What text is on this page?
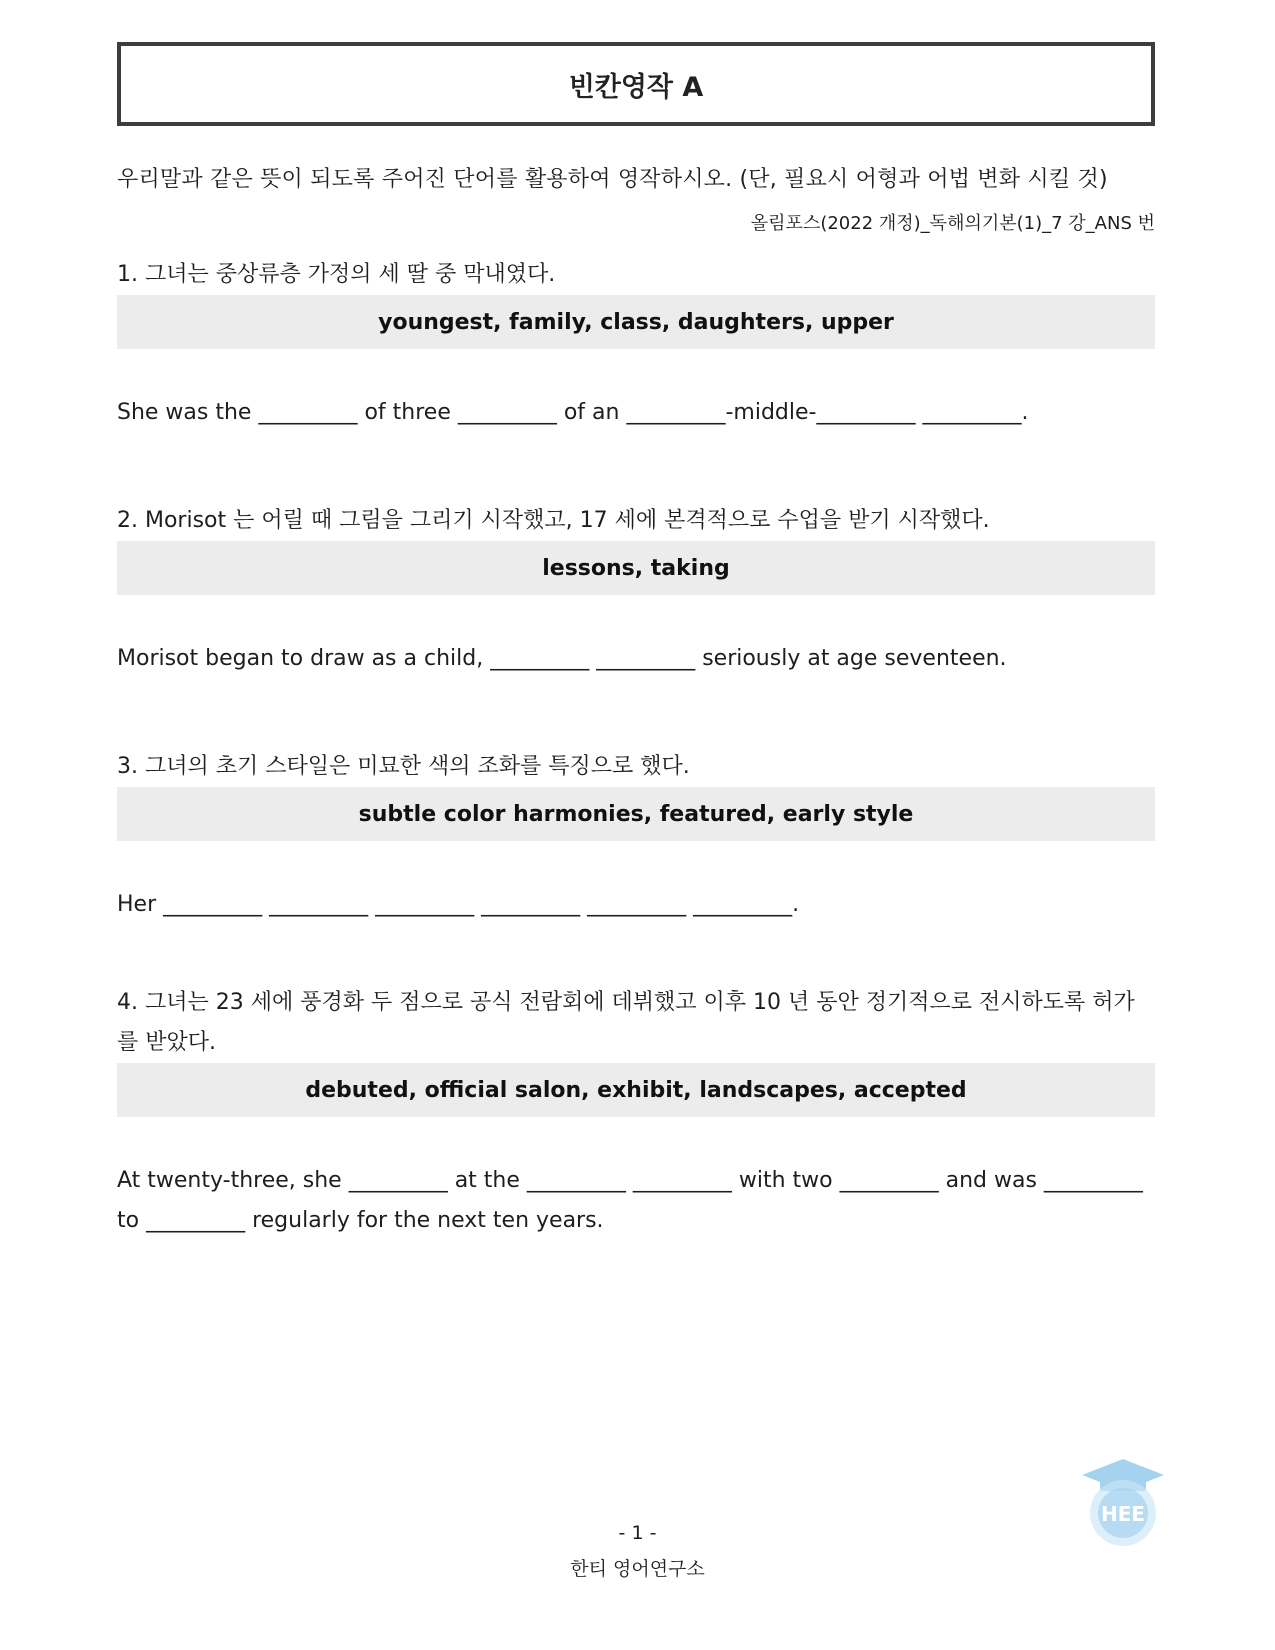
빈칸영작 A
우리말과 같은 뜻이 되도록 주어진 단어를 활용하여 영작하시오. (단, 필요시 어형과 어법 변화 시킬 것)
올림포스(2022 개정)_독해의기본(1)_7 강_ANS 번
1. 그녀는 중상류층 가정의 세 딸 중 막내였다.
youngest, family, class, daughters, upper
She was the _________ of three _________ of an _________-middle-_________ _________.
2. Morisot 는 어릴 때 그림을 그리기 시작했고, 17 세에 본격적으로 수업을 받기 시작했다.
lessons, taking
Morisot began to draw as a child, _________ _________ seriously at age seventeen.
3. 그녀의 초기 스타일은 미묘한 색의 조화를 특징으로 했다.
subtle color harmonies, featured, early style
Her _________ _________ _________ _________ _________ _________.
4. 그녀는 23 세에 풍경화 두 점으로 공식 전람회에 데뷔했고 이후 10 년 동안 정기적으로 전시하도록 허가를 받았다.
debuted, official salon, exhibit, landscapes, accepted
At twenty-three, she _________ at the _________ _________ with two _________ and was _________ to _________ regularly for the next ten years.
HEE
- 1 -
한티 영어연구소
